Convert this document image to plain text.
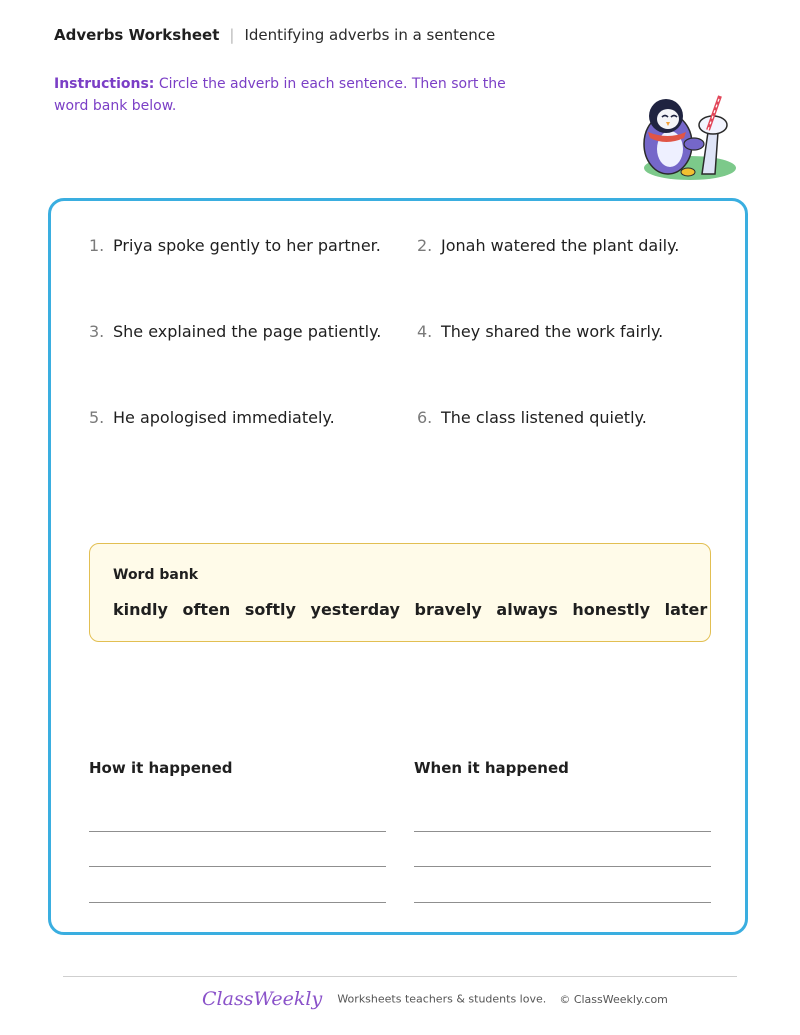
Adverbs Worksheet | Identifying adverbs in a sentence
Instructions: Circle the adverb in each sentence. Then sort the word bank below.
1. Priya spoke gently to her partner. 2. Jonah watered the plant daily.
3. She explained the page patiently. 4. They shared the work fairly.
5. He apologised immediately.	6. The class listened quietly.
Word bank
kindly often softly yesterday bravely always honestly later
How it happened	When it happened
ClassWeekly Worksheets teachers & students love. © ClassWeekly.com
